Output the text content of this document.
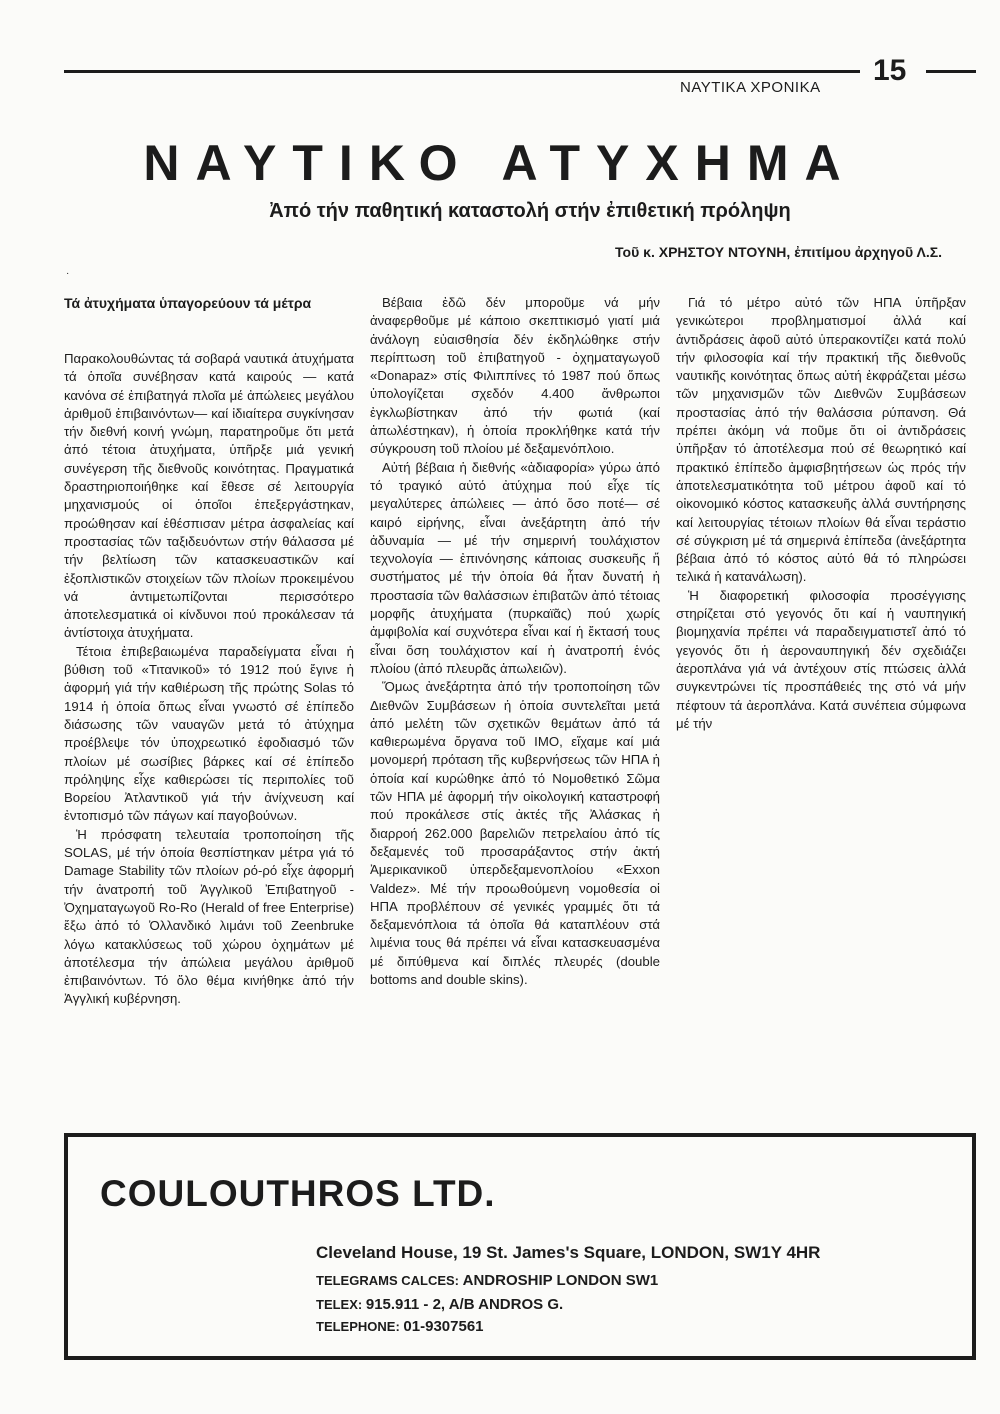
ΝΑΥΤΙΚΑ ΧΡΟΝΙΚΑ
15
ΝΑΥΤΙΚΟ ΑΤΥΧΗΜΑ
Ἀπό τήν παθητική καταστολή στήν ἐπιθετική πρόληψη
Τοῦ κ. ΧΡΗΣΤΟΥ ΝΤΟΥΝΗ, ἐπιτίμου ἀρχηγοῦ Λ.Σ.
·
Τά ἀτυχήματα ὑπαγορεύουν τά μέτρα

Παρακολουθώντας τά σοβαρά ναυτικά ἀτυχήματα τά ὁποῖα συνέβησαν κατά καιρούς — κατά κανόνα σέ ἐπιβατηγά πλοῖα μέ ἀπώλειες μεγάλου ἀριθμοῦ ἐπιβαινόντων— καί ἰδιαίτερα συγκίνησαν τήν διεθνή κοινή γνώμη, παρατηροῦμε ὅτι μετά ἀπό τέτοια ἀτυχήματα, ὑπῆρξε μιά γενική συνέγερση τῆς διεθνοῦς κοινότητας. Πραγματικά δραστηριοποιήθηκε καί ἔθεσε σέ λειτουργία μηχανισμούς οἱ ὁποῖοι ἐπεξεργάστηκαν, προώθησαν καί ἐθέσπισαν μέτρα ἀσφαλείας καί προστασίας τῶν ταξιδευόντων στήν θάλασσα μέ τήν βελτίωση τῶν κατασκευαστικῶν καί ἐξοπλιστικῶν στοιχείων τῶν πλοίων προκειμένου νά ἀντιμετωπίζονται περισσότερο ἀποτελεσματικά οἱ κίνδυνοι πού προκάλεσαν τά ἀντίστοιχα ἀτυχήματα.

Τέτοια ἐπιβεβαιωμένα παραδείγματα εἶναι ἡ βύθιση τοῦ «Τιτανικοῦ» τό 1912 πού ἔγινε ἡ ἀφορμή γιά τήν καθιέρωση τῆς πρώτης Solas τό 1914 ἡ ὁποία ὅπως εἶναι γνωστό σέ ἐπίπεδο διάσωσης τῶν ναυαγῶν μετά τό ἀτύχημα προέβλεψε τόν ὑποχρεωτικό ἐφοδιασμό τῶν πλοίων μέ σωσίβιες βάρκες καί σέ ἐπίπεδο πρόληψης εἶχε καθιερώσει τίς περιπολίες τοῦ Βορείου Ἀτλαντικοῦ γιά τήν ἀνίχνευση καί ἐντοπισμό τῶν πάγων καί παγοβούνων.

Ἡ πρόσφατη τελευταία τροποποίηση τῆς SOLAS, μέ τήν ὁποία θεσπίστηκαν μέτρα γιά τό Damage Stability τῶν πλοίων ρό-ρό εἶχε ἀφορμή τήν ἀνατροπή τοῦ Ἀγγλικοῦ Ἐπιβατηγοῦ - Ὀχηματαγωγοῦ Ro-Ro (Herald of free Enterprise) ἔξω ἀπό τό Ὀλλανδικό λιμάνι τοῦ Zeenbruke λόγω κατακλύσεως τοῦ χώρου ὀχημάτων μέ ἀποτέλεσμα τήν ἀπώλεια μεγάλου ἀριθμοῦ ἐπιβαινόντων. Τό ὅλο θέμα κινήθηκε ἀπό τήν Ἀγγλική κυβέρνηση.

Βέβαια ἐδῶ δέν μποροῦμε νά μήν ἀναφερθοῦμε μέ κάποιο σκεπτικισμό γιατί μιά ἀνάλογη εὐαισθησία δέν ἐκδηλώθηκε στήν περίπτωση τοῦ ἐπιβατηγοῦ - ὀχηματαγωγοῦ «Donapaz» στίς Φιλιππίνες τό 1987 πού ὅπως ὑπολογίζεται σχεδόν 4.400 ἄνθρωποι ἐγκλωβίστηκαν ἀπό τήν φωτιά (καί ἀπωλέστηκαν), ἡ ὁποία προκλήθηκε κατά τήν σύγκρουση τοῦ πλοίου μέ δεξαμενόπλοιο.

Αὐτή βέβαια ἡ διεθνής «ἀδιαφορία» γύρω ἀπό τό τραγικό αὐτό ἀτύχημα πού εἶχε τίς μεγαλύτερες ἀπώλειες — ἀπό ὅσο ποτέ— σέ καιρό εἰρήνης, εἶναι ἀνεξάρτητη ἀπό τήν ἀδυναμία — μέ τήν σημερινή τουλάχιστον τεχνολογία — ἐπινόνησης κάποιας συσκευῆς ἤ συστήματος μέ τήν ὁποία θά ἦταν δυνατή ἡ προστασία τῶν θαλάσσιων ἐπιβατῶν ἀπό τέτοιας μορφῆς ἀτυχήματα (πυρκαϊᾶς) πού χωρίς ἀμφιβολία καί συχνότερα εἶναι καί ἡ ἔκτασή τους εἶναι ὅση τουλάχιστον καί ἡ ἀνατροπή ἑνός πλοίου (ἀπό πλευρᾶς ἀπωλειῶν).

Ὅμως ἀνεξάρτητα ἀπό τήν τροποποίηση τῶν Διεθνῶν Συμβάσεων ἡ ὁποία συντελεῖται μετά ἀπό μελέτη τῶν σχετικῶν θεμάτων ἀπό τά καθιερωμένα ὄργανα τοῦ ΙΜΟ, εἴχαμε καί μιά μονομερή πρόταση τῆς κυβερνήσεως τῶν ΗΠΑ ἡ ὁποία καί κυρώθηκε ἀπό τό Νομοθετικό Σῶμα τῶν ΗΠΑ μέ ἀφορμή τήν οἰκολογική καταστροφή πού προκάλεσε στίς ἀκτές τῆς Ἀλάσκας ἡ διαρροή 262.000 βαρελιῶν πετρελαίου ἀπό τίς δεξαμενές τοῦ προσαράξαντος στήν ἀκτή Ἀμερικανικοῦ ὑπερδεξαμενοπλοίου «Exxon Valdez». Μέ τήν προωθούμενη νομοθεσία οἱ ΗΠΑ προβλέπουν σέ γενικές γραμμές ὅτι τά δεξαμενόπλοια τά ὁποῖα θά καταπλέουν στά λιμένια τους θά πρέπει νά εἶναι κατασκευασμένα μέ διπύθμενα καί διπλές πλευρές (double bottoms and double skins).

Γιά τό μέτρο αὐτό τῶν ΗΠΑ ὑπῆρξαν γενικώτεροι προβληματισμοί ἀλλά καί ἀντιδράσεις ἀφοῦ αὐτό ὑπερακοντίζει κατά πολύ τήν φιλοσοφία καί τήν πρακτική τῆς διεθνοῦς ναυτικῆς κοινότητας ὅπως αὐτή ἐκφράζεται μέσω τῶν μηχανισμῶν τῶν Διεθνῶν Συμβάσεων προστασίας ἀπό τήν θαλάσσια ρύπανση. Θά πρέπει ἀκόμη νά ποῦμε ὅτι οἱ ἀντιδράσεις ὑπῆρξαν τό ἀποτέλεσμα πού σέ θεωρητικό καί πρακτικό ἐπίπεδο ἀμφισβητήσεων ὡς πρός τήν ἀποτελεσματικότητα τοῦ μέτρου ἀφοῦ καί τό οἰκονομικό κόστος κατασκευῆς ἀλλά συντήρησης καί λειτουργίας τέτοιων πλοίων θά εἶναι τεράστιο σέ σύγκριση μέ τά σημερινά ἐπίπεδα (ἀνεξάρτητα βέβαια ἀπό τό κόστος αὐτό θά τό πληρώσει τελικά ἡ κατανάλωση).

Ἡ διαφορετική φιλοσοφία προσέγγισης στηρίζεται στό γεγονός ὅτι καί ἡ ναυπηγική βιομηχανία πρέπει νά παραδειγματιστεῖ ἀπό τό γεγονός ὅτι ἡ ἀεροναυπηγική δέν σχεδιάζει ἀεροπλάνα γιά νά ἀντέχουν στίς πτώσεις ἀλλά συγκεντρώνει τίς προσπάθειές της στό νά μήν πέφτουν τά ἀεροπλάνα. Κατά συνέπεια σύμφωνα μέ τήν

COULOUTHROS LTD.
Cleveland House, 19 St. James's Square, LONDON, SW1Y 4HR
TELEGRAMS CALCES: ANDROSHIP LONDON SW1
TELEX: 915.911 - 2, A/B ANDROS G.
TELEPHONE: 01-9307561
